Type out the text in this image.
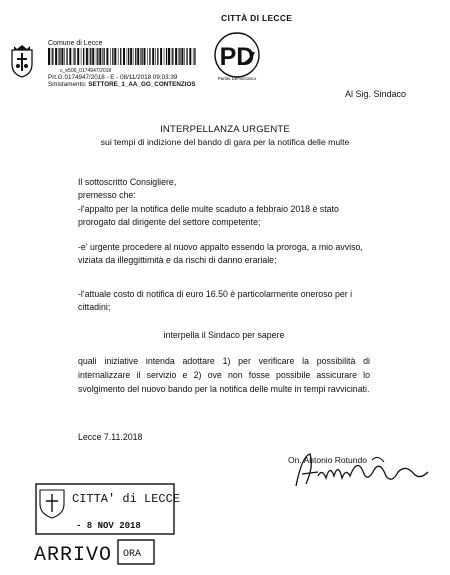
CITTÀ DI LECCE
Comune di Lecce
c_e506_0174947/2018
Prt.G.0174947/2018 - E - 08/11/2018 09:03:39
Smistamento: SETTORE_1_AA_GG_CONTENZIOS
PD
Partito Democratico
Al Sig. Sindaco
INTERPELLANZA URGENTE
sui tempi di indizione del bando di gara per la notifica delle multe
Il sottoscritto Consigliere,
premesso che:
-l'appalto per la notifica delle multe scaduto a febbraio 2018 è stato prorogato dal dirigente del settore competente;
-e' urgente procedere al nuovo appalto essendo la proroga, a mio avviso, viziata da illeggittimità e da rischi di danno erariale;
-l'attuale costo di notifica di euro 16.50 è particolarmente oneroso per i cittadini;
interpella il Sindaco per sapere
quali iniziative intenda adottare 1) per verificare la possibilità di internalizzare il servizio e 2) ove non fosse possibile assicurare lo svolgimento del nuovo bando per la notifica delle multe in tempi ravvicinati.
Lecce 7.11.2018
On. Antonio Rotundo
CITTA' di LECCE
- 8 NOV 2018
ARRIVO ORA
